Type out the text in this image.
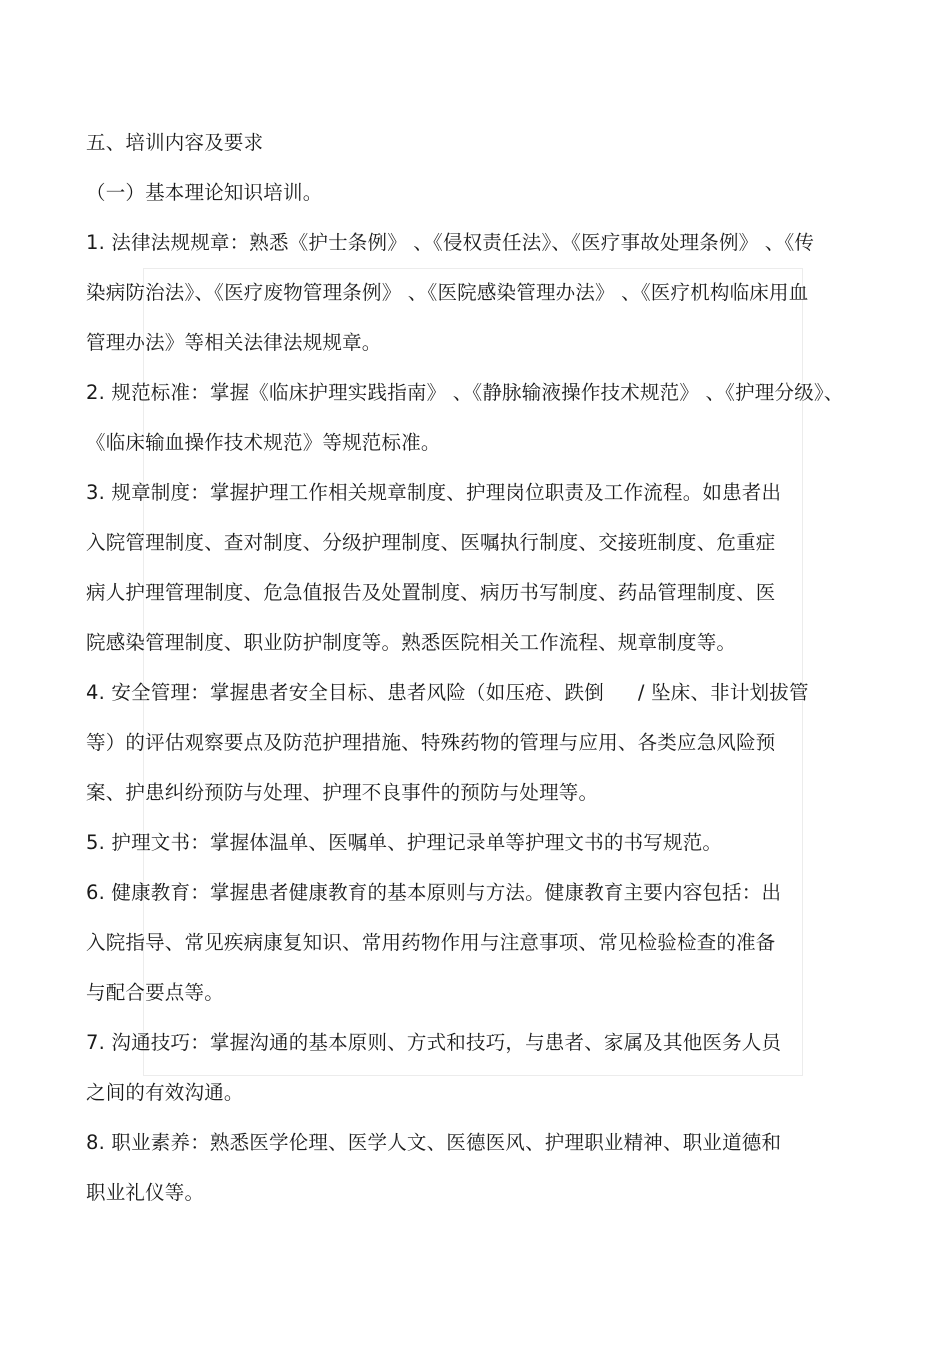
五、培训内容及要求
（一）基本理论知识培训。
1. 法律法规规章：熟悉《护士条例》 、《侵权责任法》、《医疗事故处理条例》 、《传
染病防治法》、《医疗废物管理条例》 、《医院感染管理办法》 、《医疗机构临床用血
管理办法》等相关法律法规规章。
2. 规范标准：掌握《临床护理实践指南》 、《静脉输液操作技术规范》 、《护理分级》、
《临床输血操作技术规范》等规范标准。
3. 规章制度：掌握护理工作相关规章制度、护理岗位职责及工作流程。如患者出
入院管理制度、查对制度、分级护理制度、医嘱执行制度、交接班制度、危重症
病人护理管理制度、危急值报告及处置制度、病历书写制度、药品管理制度、医
院感染管理制度、职业防护制度等。熟悉医院相关工作流程、规章制度等。
4. 安全管理：掌握患者安全目标、患者风险（如压疮、跌倒 / 坠床、非计划拔管
等）的评估观察要点及防范护理措施、特殊药物的管理与应用、各类应急风险预
案、护患纠纷预防与处理、护理不良事件的预防与处理等。
5. 护理文书：掌握体温单、医嘱单、护理记录单等护理文书的书写规范。
6. 健康教育：掌握患者健康教育的基本原则与方法。健康教育主要内容包括：出
入院指导、常见疾病康复知识、常用药物作用与注意事项、常见检验检查的准备
与配合要点等。
7. 沟通技巧：掌握沟通的基本原则、方式和技巧，与患者、家属及其他医务人员
之间的有效沟通。
8. 职业素养：熟悉医学伦理、医学人文、医德医风、护理职业精神、职业道德和
职业礼仪等。
